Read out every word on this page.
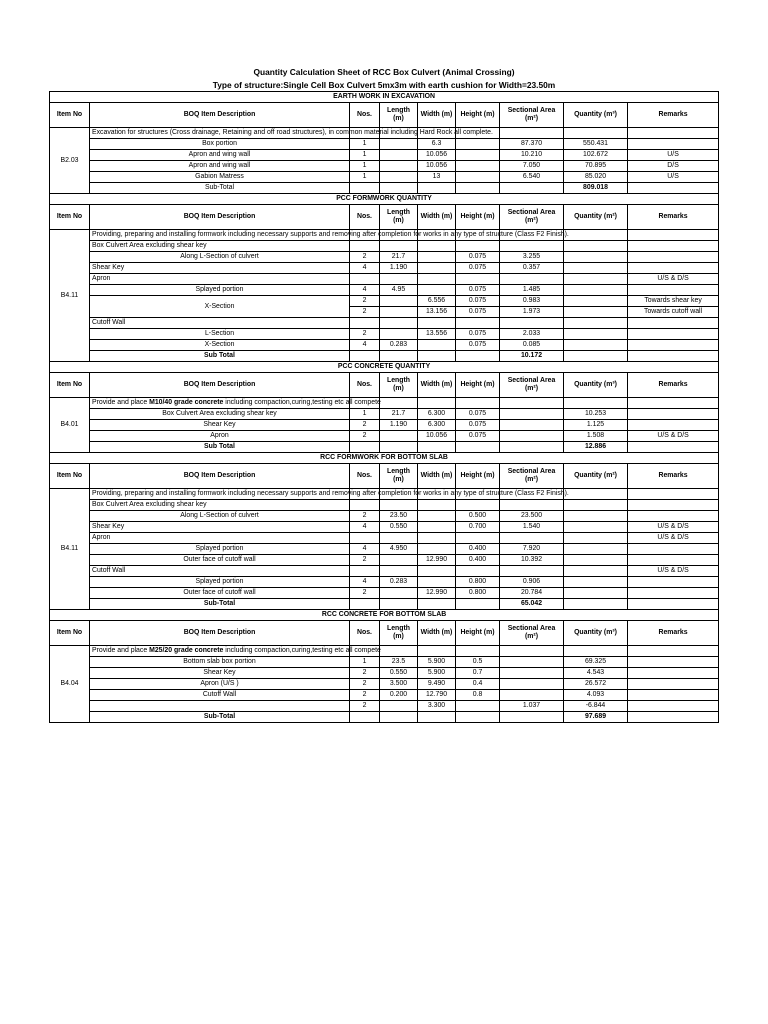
Quantity Calculation Sheet of RCC Box Culvert (Animal Crossing)
Type of structure:Single Cell Box Culvert 5mx3m with earth cushion for Width=23.50m
EARTH WORK IN EXCAVATION								
Item No	BOQ Item Description	Nos.	Length (m)	Width (m)	Height (m)	Sectional Area (m²)	Quantity (m³)	Remarks
B2.03	Excavation for structures (Cross drainage, Retaining and off road structures), in common material including Hard Rock all complete.							
	Box portion	1		6.3		87.370	550.431	
	Apron and wing wall	1		10.056		10.210	102.672	U/S
	Apron and wing wall	1		10.056		7.050	70.895	D/S
	Gabion Matress	1		13		6.540	85.020	U/S
	Sub-Total						809.018	
PCC FORMWORK QUANTITY								
Item No	BOQ Item Description	Nos.	Length (m)	Width (m)	Height (m)	Sectional Area (m²)	Quantity (m²)	Remarks
B4.11	Providing, preparing and installing formwork including necessary supports and removing after completion for works in any type of structure (Class F2 Finish).							
	Box Culvert Area excluding shear key							
	Along L-Section of culvert	2	21.7		0.075	3.255		
	Shear Key	4	1.190		0.075	0.357		
	Apron							U/S & D/S
	Splayed portion	4	4.95		0.075	1.485		
	X-Section	2		6.556	0.075	0.983		Towards shear key
		2		13.156	0.075	1.973		Towards cutoff wall
	Cutoff Wall							
	L-Section	2		13.556	0.075	2.033		
	X-Section	4	0.283		0.075	0.085		
	Sub Total					10.172		
PCC CONCRETE QUANTITY								
Item No	BOQ Item Description	Nos.	Length (m)	Width (m)	Height (m)	Sectional Area (m²)	Quantity (m³)	Remarks
B4.01	Provide and place M10/40 grade concrete including compaction,curing,testing etc all compete							
	Box Culvert Area excluding shear key	1	21.7	6.300	0.075		10.253	
	Shear Key	2	1.190	6.300	0.075		1.125	
	Apron	2		10.056	0.075		1.508	U/S & D/S
	Sub Total						12.886	
RCC FORMWORK FOR BOTTOM SLAB								
Item No	BOQ Item Description	Nos.	Length (m)	Width (m)	Height (m)	Sectional Area (m²)	Quantity (m²)	Remarks
B4.11	Providing, preparing and installing formwork including necessary supports and removing after completion for works in any type of structure (Class F2 Finish).							
	Box Culvert Area excluding shear key							
	Along L-Section of culvert	2	23.50		0.500	23.500		
	Shear Key	4	0.550		0.700	1.540		U/S & D/S
	Apron							U/S & D/S
	Splayed portion	4	4.950		0.400	7.920		
	Outer face of cutoff wall	2		12.990	0.400	10.392		
	Cutoff Wall							U/S & D/S
	Splayed portion	4	0.283		0.800	0.906		
	Outer face of cutoff wall	2		12.990	0.800	20.784		
	Sub-Total					65.042		
RCC CONCRETE FOR BOTTOM SLAB								
Item No	BOQ Item Description	Nos.	Length (m)	Width (m)	Height (m)	Sectional Area (m²)	Quantity (m³)	Remarks
B4.04	Provide and place M25/20 grade concrete including compaction,curing,testing etc all compete							
	Bottom slab box portion	1	23.5	5.900	0.5		69.325	
	Shear Key	2	0.550	5.900	0.7		4.543	
	Apron (U/S )	2	3.500	9.490	0.4		26.572	
	Cutoff Wall	2	0.200	12.790	0.8		4.093	
		2		3.300		1.037	-6.844	
	Sub-Total						97.689	
